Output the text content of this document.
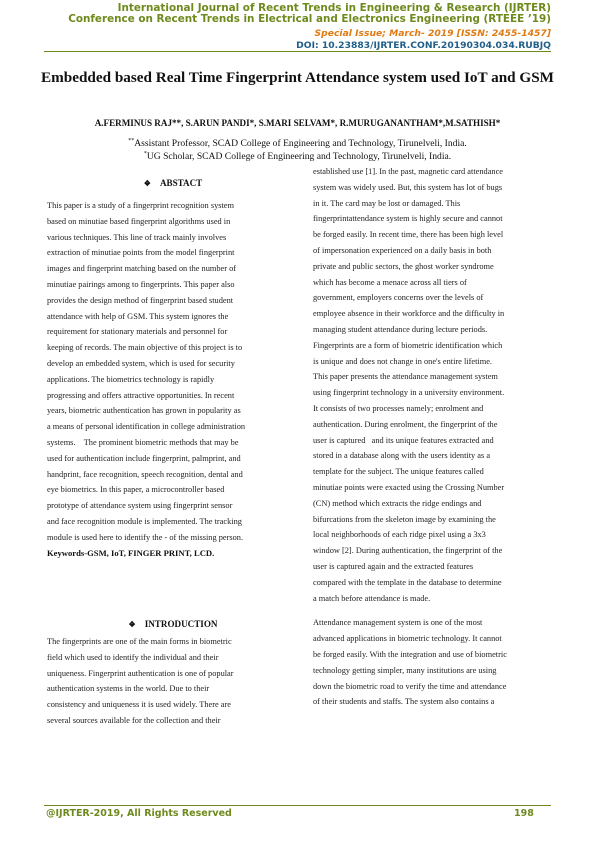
International Journal of Recent Trends in Engineering & Research (IJRTER)
Conference on Recent Trends in Electrical and Electronics Engineering (RTEEE ’19)
Special Issue; March- 2019 [ISSN: 2455-1457]
DOI: 10.23883/IJRTER.CONF.20190304.034.RUBJQ
Embedded based Real Time Fingerprint Attendance system used IoT and GSM
A.FERMINUS RAJ**, S.ARUN PANDI*, S.MARI SELVAM*, R.MURUGANANTHAM*,M.SATHISH*
**Assistant Professor, SCAD College of Engineering and Technology, Tirunelveli, India.
*UG Scholar, SCAD College of Engineering and Technology, Tirunelveli, India.
❖ ABSTACT

This paper is a study of a fingerprint recognition system

based on minutiae based fingerprint algorithms used in

various techniques. This line of track mainly involves

extraction of minutiae points from the model fingerprint

images and fingerprint matching based on the number of

minutiae pairings among to fingerprints. This paper also

provides the design method of fingerprint based student

attendance with help of GSM. This system ignores the

requirement for stationary materials and personnel for

keeping of records. The main objective of this project is to

develop an embedded system, which is used for security

applications. The biometrics technology is rapidly

progressing and offers attractive opportunities. In recent

years, biometric authentication has grown in popularity as

a means of personal identification in college administration

systems.    The prominent biometric methods that may be

used for authentication include fingerprint, palmprint, and

handprint, face recognition, speech recognition, dental and

eye biometrics. In this paper, a microcontroller based

prototype of attendance system using fingerprint sensor

and face recognition module is implemented. The tracking

module is used here to identify the - of the missing person.

Keywords-GSM, IoT, FINGER PRINT, LCD.

❖ INTRODUCTION

The fingerprints are one of the main forms in biometric

field which used to identify the individual and their

uniqueness. Fingerprint authentication is one of popular

authentication systems in the world. Due to their

consistency and uniqueness it is used widely. There are

several sources available for the collection and their

established use [1]. In the past, magnetic card attendance

system was widely used. But, this system has lot of bugs

in it. The card may be lost or damaged. This

fingerprintattendance system is highly secure and cannot

be forged easily. In recent time, there has been high level

of impersonation experienced on a daily basis in both

private and public sectors, the ghost worker syndrome

which has become a menace across all tiers of

government, employers concerns over the levels of

employee absence in their workforce and the difficulty in

managing student attendance during lecture periods.

Fingerprints are a form of biometric identification which

is unique and does not change in one's entire lifetime.

This paper presents the attendance management system

using fingerprint technology in a university environment.

It consists of two processes namely; enrolment and

authentication. During enrolment, the fingerprint of the

user is captured   and its unique features extracted and

stored in a database along with the users identity as a

template for the subject. The unique features called

minutiae points were exacted using the Crossing Number

(CN) method which extracts the ridge endings and

bifurcations from the skeleton image by examining the

local neighborhoods of each ridge pixel using a 3x3

window [2]. During authentication, the fingerprint of the

user is captured again and the extracted features

compared with the template in the database to determine

a match before attendance is made.

Attendance management system is one of the most

advanced applications in biometric technology. It cannot

be forged easily. With the integration and use of biometric

technology getting simpler, many institutions are using

down the biometric road to verify the time and attendance

of their students and staffs. The system also contains a

@IJRTER-2019, All Rights Reserved	198
